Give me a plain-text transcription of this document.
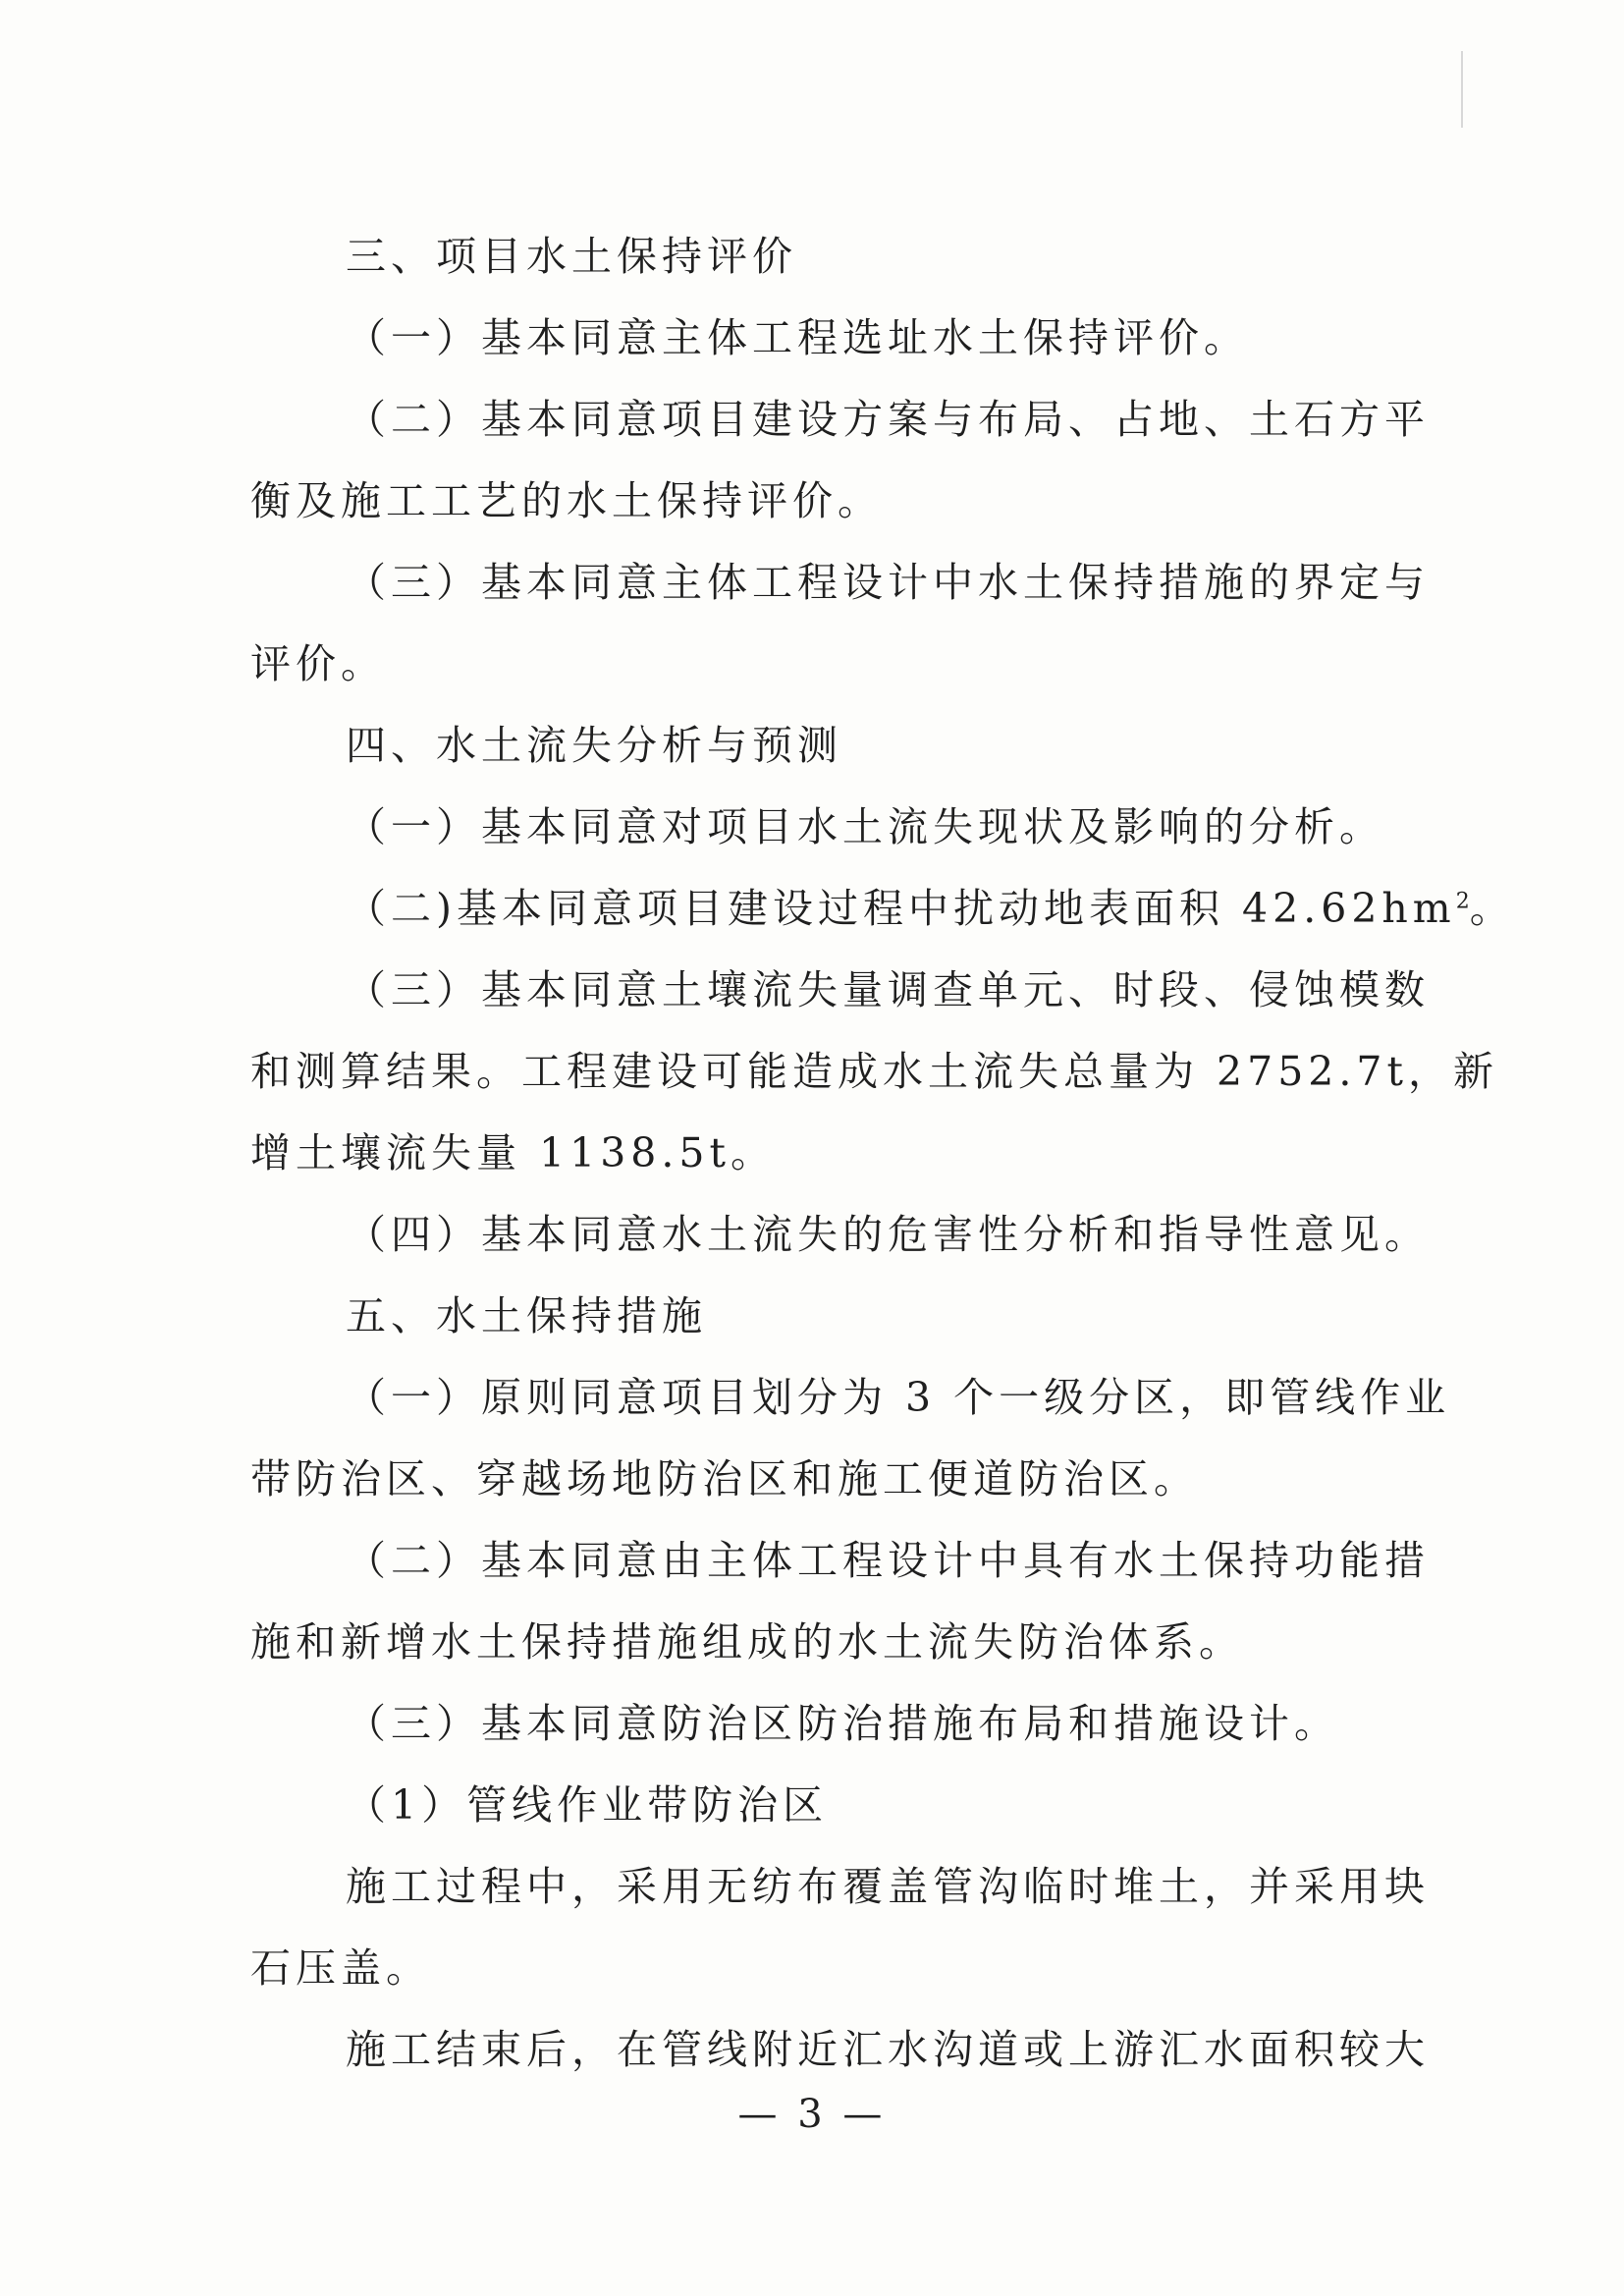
三、项目水土保持评价
（一）基本同意主体工程选址水土保持评价。
（二）基本同意项目建设方案与布局、占地、土石方平
衡及施工工艺的水土保持评价。
（三）基本同意主体工程设计中水土保持措施的界定与
评价。
四、水土流失分析与预测
（一）基本同意对项目水土流失现状及影响的分析。
（二)基本同意项目建设过程中扰动地表面积 $42.62hm^2$。
（三）基本同意土壤流失量调查单元、时段、侵蚀模数
和测算结果。工程建设可能造成水土流失总量为 2752.7t，新
增土壤流失量 1138.5t。
（四）基本同意水土流失的危害性分析和指导性意见。
五、水土保持措施
（一）原则同意项目划分为 3 个一级分区，即管线作业
带防治区、穿越场地防治区和施工便道防治区。
（二）基本同意由主体工程设计中具有水土保持功能措
施和新增水土保持措施组成的水土流失防治体系。
（三）基本同意防治区防治措施布局和措施设计。
（1）管线作业带防治区
施工过程中，采用无纺布覆盖管沟临时堆土，并采用块
石压盖。
施工结束后，在管线附近汇水沟道或上游汇水面积较大
— 3 —
